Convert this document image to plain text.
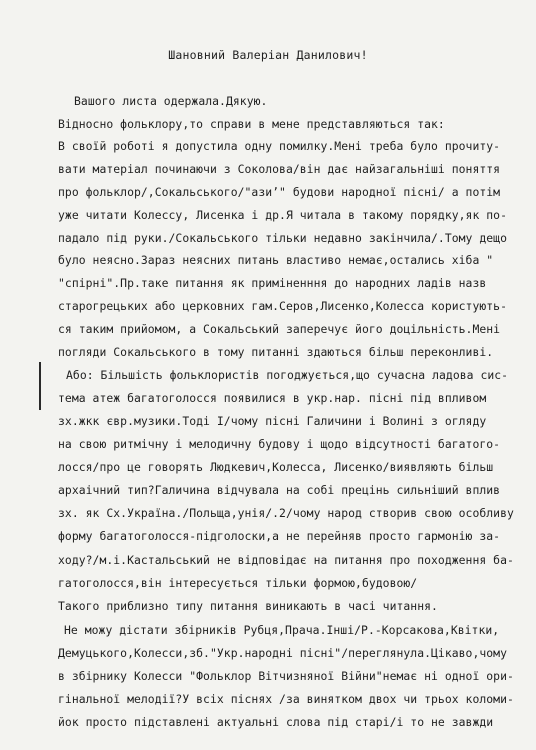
Шановний Валеріан Данилович!
Вашого листа одержала.Дякую.
Відносно фольклору,то справи в мене представляються так:
В своїй роботі я допустила одну помилку.Мені треба було прочиту-
вати матеріал починаючи з Соколова/він дає найзагальніші поняття
про фольклор/,Сокальського/"азиʼ" будови народної пісні/ а потім
уже читати Колессу, Лисенка і др.Я читала в такому порядку,як по-
падало під руки./Сокальського тільки недавно закінчила/.Тому дещо
було неясно.Зараз неясних питань властиво немає,остались хіба "
"спірні".Пр.таке питання як приміненння до народних ладів назв
старогрецьких або церковних гам.Серов,Лисенко,Колесса користують-
ся таким прийомом, а Сокальський заперечує його доцільність.Мені
погляди Сокальського в тому питанні здаються більш переконливі.
Або: Більшість фольклористів погоджується,що сучасна ладова сис-
тема атеж багатоголосся появилися в укр.нар. пісні під впливом
зх.жкк євр.музики.Тоді І/чому пісні Галичини і Волині з огляду
на свою ритмічну і мелодичну будову і щодо відсутності багатого-
лосся/про це говорять Людкевич,Колесса, Лисенко/виявляють більш
архаічний тип?Галичина відчувала на собі прецінь сильніший вплив
зх. як Сх.Україна./Польща,унія/.2/чому народ створив свою особливу
форму багатоголосся-підголоски,а не перейняв просто гармонію за-
ходу?/м.і.Кастальський не відповідає на питання про походження ба-
гатоголосся,він інтересується тільки формою,будовою/
Такого приблизно типу питання виникають в часі читання.
Не можу дістати збірників Рубця,Прача.Інші/Р.-Корсакова,Квітки,
Демуцького,Колесси,зб."Укр.народні пісні"/переглянула.Цікаво,чому
в збірнику Колесси "Фольклор Вітчизняної Війни"немає ні одної ори-
гінальної мелодії?У всіх піснях /за винятком двох чи трьох коломи-
йок просто підставлені актуальні слова під старі/і то не завжди
